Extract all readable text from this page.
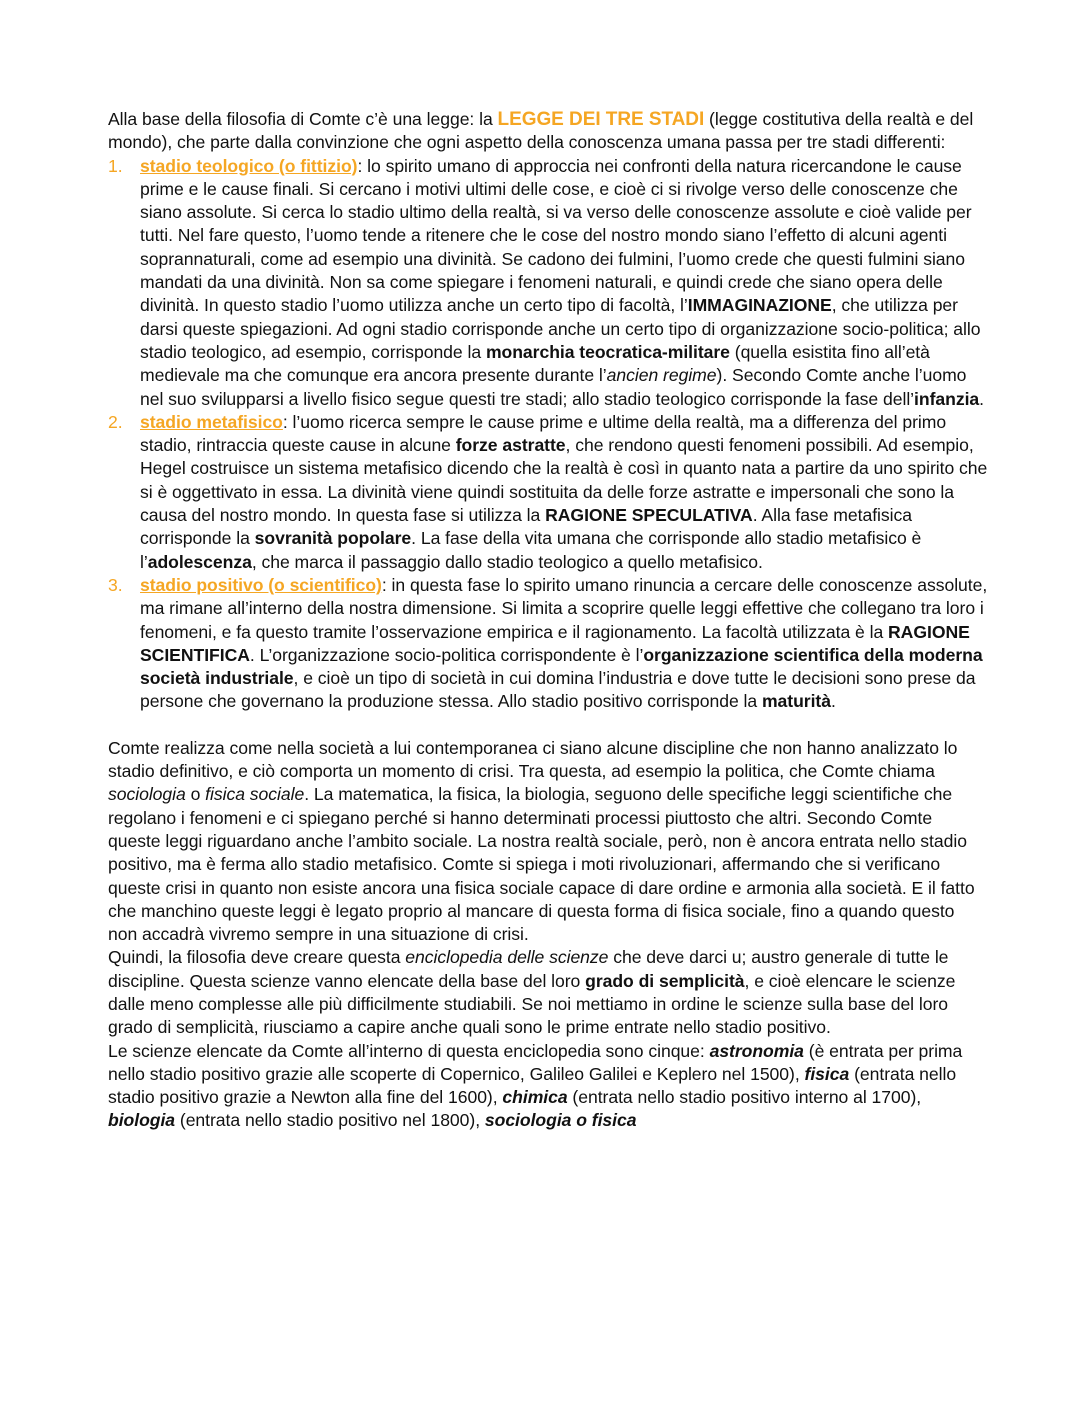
Alla base della filosofia di Comte c’è una legge: la LEGGE DEI TRE STADI (legge costitutiva della realtà e del mondo), che parte dalla convinzione che ogni aspetto della conoscenza umana passa per tre stadi differenti:

1. stadio teologico (o fittizio): lo spirito umano di approccia nei confronti della natura ricercandone le cause prime e le cause finali. Si cercano i motivi ultimi delle cose, e cioè ci si rivolge verso delle conoscenze che siano assolute. Si cerca lo stadio ultimo della realtà, si va verso delle conoscenze assolute e cioè valide per tutti. Nel fare questo, l’uomo tende a ritenere che le cose del nostro mondo siano l’effetto di alcuni agenti soprannaturali, come ad esempio una divinità. Se cadono dei fulmini, l’uomo crede che questi fulmini siano mandati da una divinità. Non sa come spiegare i fenomeni naturali, e quindi crede che siano opera delle divinità. In questo stadio l’uomo utilizza anche un certo tipo di facoltà, l’IMMAGINAZIONE, che utilizza per darsi queste spiegazioni. Ad ogni stadio corrisponde anche un certo tipo di organizzazione socio-politica; allo stadio teologico, ad esempio, corrisponde la monarchia teocratica-militare (quella esistita fino all’età medievale ma che comunque era ancora presente durante l’ancien regime). Secondo Comte anche l’uomo nel suo svilupparsi a livello fisico segue questi tre stadi; allo stadio teologico corrisponde la fase dell’infanzia.
2. stadio metafisico: l’uomo ricerca sempre le cause prime e ultime della realtà, ma a differenza del primo stadio, rintraccia queste cause in alcune forze astratte, che rendono questi fenomeni possibili. Ad esempio, Hegel costruisce un sistema metafisico dicendo che la realtà è così in quanto nata a partire da uno spirito che si è oggettivato in essa. La divinità viene quindi sostituita da delle forze astratte e impersonali che sono la causa del nostro mondo. In questa fase si utilizza la RAGIONE SPECULATIVA. Alla fase metafisica corrisponde la sovranità popolare. La fase della vita umana che corrisponde allo stadio metafisico è l’adolescenza, che marca il passaggio dallo stadio teologico a quello metafisico.
3. stadio positivo (o scientifico): in questa fase lo spirito umano rinuncia a cercare delle conoscenze assolute, ma rimane all’interno della nostra dimensione. Si limita a scoprire quelle leggi effettive che collegano tra loro i fenomeni, e fa questo tramite l’osservazione empirica e il ragionamento. La facoltà utilizzata è la RAGIONE SCIENTIFICA. L’organizzazione socio-politica corrispondente è l’organizzazione scientifica della moderna società industriale, e cioè un tipo di società in cui domina l’industria e dove tutte le decisioni sono prese da persone che governano la produzione stessa. Allo stadio positivo corrisponde la maturità.

Comte realizza come nella società a lui contemporanea ci siano alcune discipline che non hanno analizzato lo stadio definitivo, e ciò comporta un momento di crisi. Tra questa, ad esempio la politica, che Comte chiama sociologia o fisica sociale. La matematica, la fisica, la biologia, seguono delle specifiche leggi scientifiche che regolano i fenomeni e ci spiegano perché si hanno determinati processi piuttosto che altri. Secondo Comte queste leggi riguardano anche l’ambito sociale. La nostra realtà sociale, però, non è ancora entrata nello stadio positivo, ma è ferma allo stadio metafisico. Comte si spiega i moti rivoluzionari, affermando che si verificano queste crisi in quanto non esiste ancora una fisica sociale capace di dare ordine e armonia alla società. E il fatto che manchino queste leggi è legato proprio al mancare di questa forma di fisica sociale, fino a quando questo non accadrà vivremo sempre in una situazione di crisi.

Quindi, la filosofia deve creare questa enciclopedia delle scienze che deve darci u; austro generale di tutte le discipline. Questa scienze vanno elencate della base del loro grado di semplicità, e cioè elencare le scienze dalle meno complesse alle più difficilmente studiabili. Se noi mettiamo in ordine le scienze sulla base del loro grado di semplicità, riusciamo a capire anche quali sono le prime entrate nello stadio positivo.

Le scienze elencate da Comte all’interno di questa enciclopedia sono cinque: astronomia (è entrata per prima nello stadio positivo grazie alle scoperte di Copernico, Galileo Galilei e Keplero nel 1500), fisica (entrata nello stadio positivo grazie a Newton alla fine del 1600), chimica (entrata nello stadio positivo interno al 1700), biologia (entrata nello stadio positivo nel 1800), sociologia o fisica
